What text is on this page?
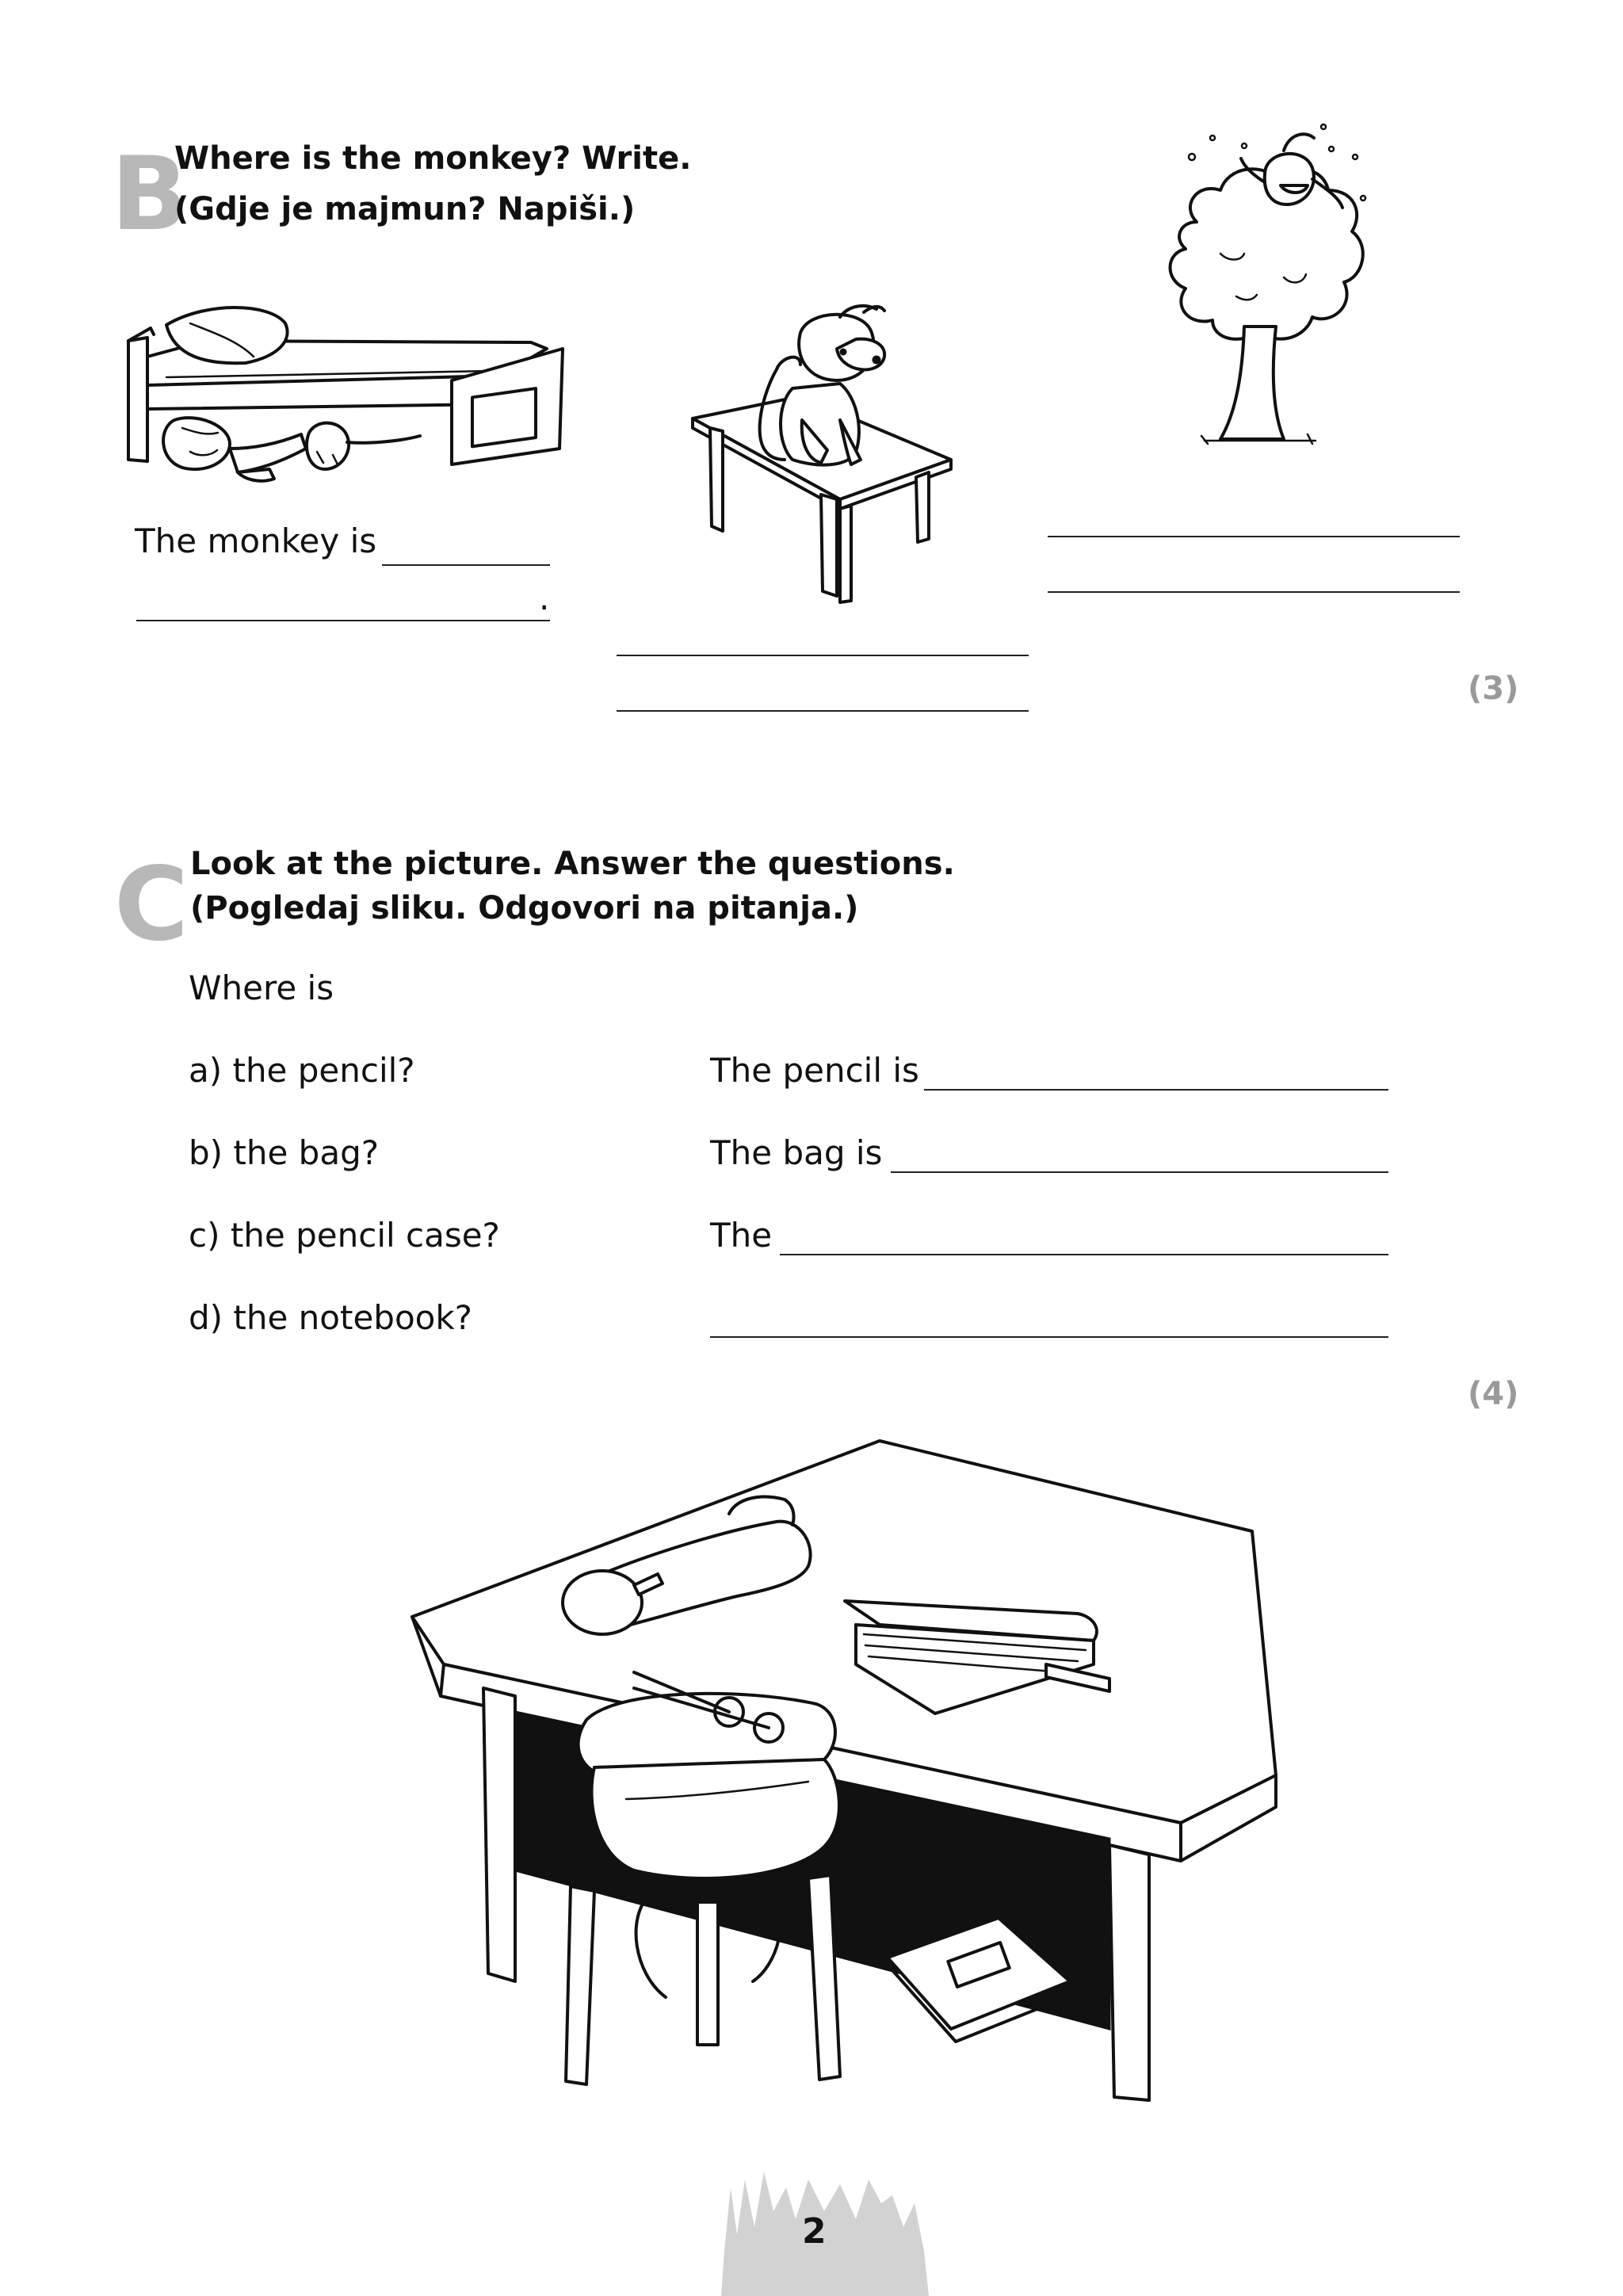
B
Where is the monkey? Write.
(Gdje je majmun? Napiši.)
The monkey is
.
(3)
C Look at the picture. Answer the questions.
(Pogledaj sliku. Odgovori na pitanja.)
Where is
a) the pencil?	The pencil is
b) the bag?	The bag is
c) the pencil case?	The
d) the notebook?
(4)
2
